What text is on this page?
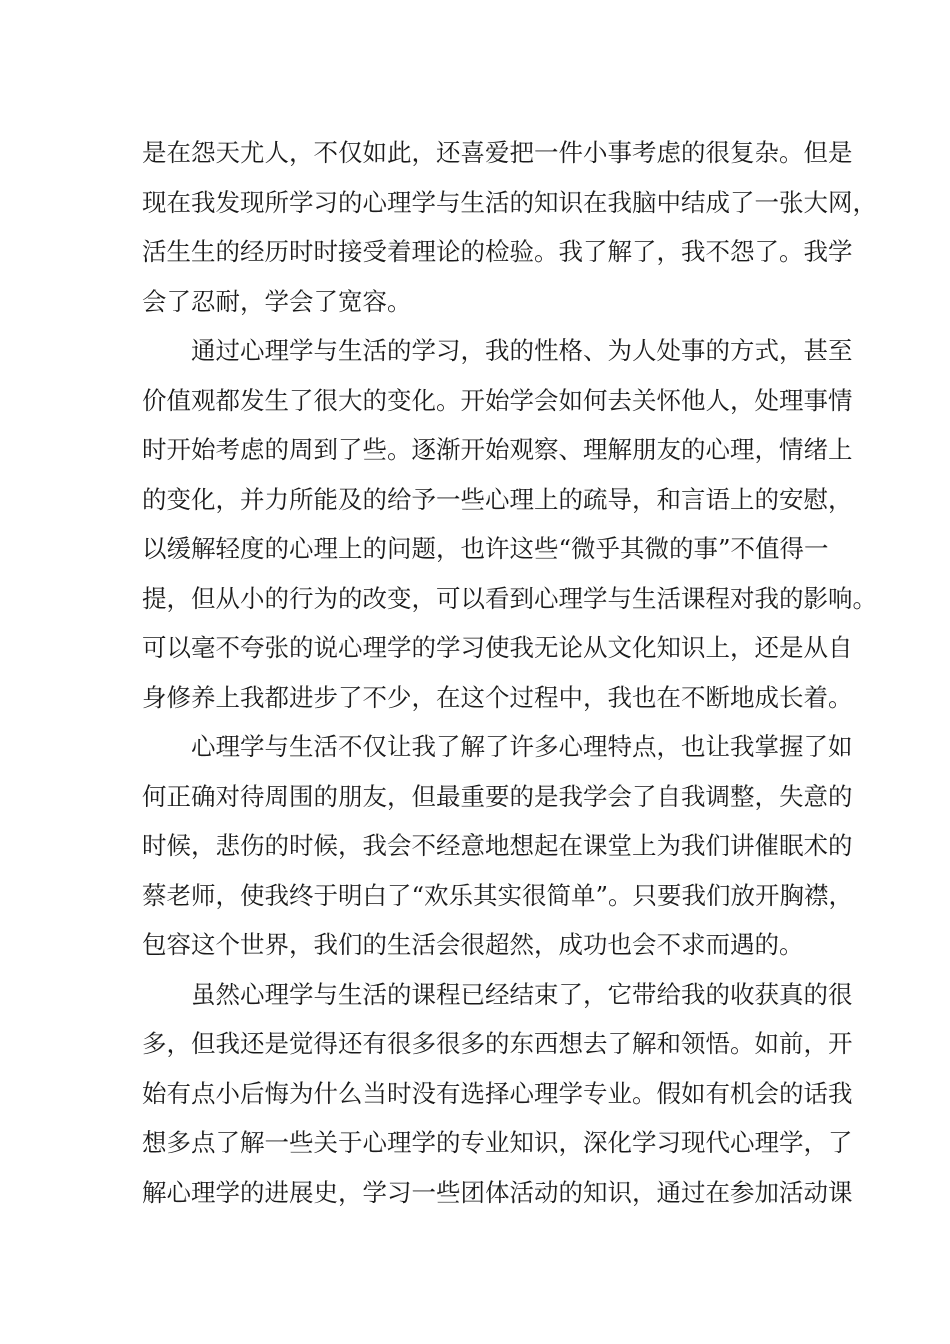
是在怨天尤人，不仅如此，还喜爱把一件小事考虑的很复杂。但是
现在我发现所学习的心理学与生活的知识在我脑中结成了一张大网，
活生生的经历时时接受着理论的检验。我了解了，我不怨了。我学
会了忍耐，学会了宽容。
通过心理学与生活的学习，我的性格、为人处事的方式，甚至
价值观都发生了很大的变化。开始学会如何去关怀他人，处理事情
时开始考虑的周到了些。逐渐开始观察、理解朋友的心理，情绪上
的变化，并力所能及的给予一些心理上的疏导，和言语上的安慰，
以缓解轻度的心理上的问题，也许这些“微乎其微的事”不值得一
提，但从小的行为的改变，可以看到心理学与生活课程对我的影响。
可以毫不夸张的说心理学的学习使我无论从文化知识上，还是从自
身修养上我都进步了不少，在这个过程中，我也在不断地成长着。
心理学与生活不仅让我了解了许多心理特点，也让我掌握了如
何正确对待周围的朋友，但最重要的是我学会了自我调整，失意的
时候，悲伤的时候，我会不经意地想起在课堂上为我们讲催眠术的
蔡老师，使我终于明白了“欢乐其实很简单”。只要我们放开胸襟，
包容这个世界，我们的生活会很超然，成功也会不求而遇的。
虽然心理学与生活的课程已经结束了，它带给我的收获真的很
多，但我还是觉得还有很多很多的东西想去了解和领悟。如前，开
始有点小后悔为什么当时没有选择心理学专业。假如有机会的话我
想多点了解一些关于心理学的专业知识，深化学习现代心理学，了
解心理学的进展史，学习一些团体活动的知识，通过在参加活动课
